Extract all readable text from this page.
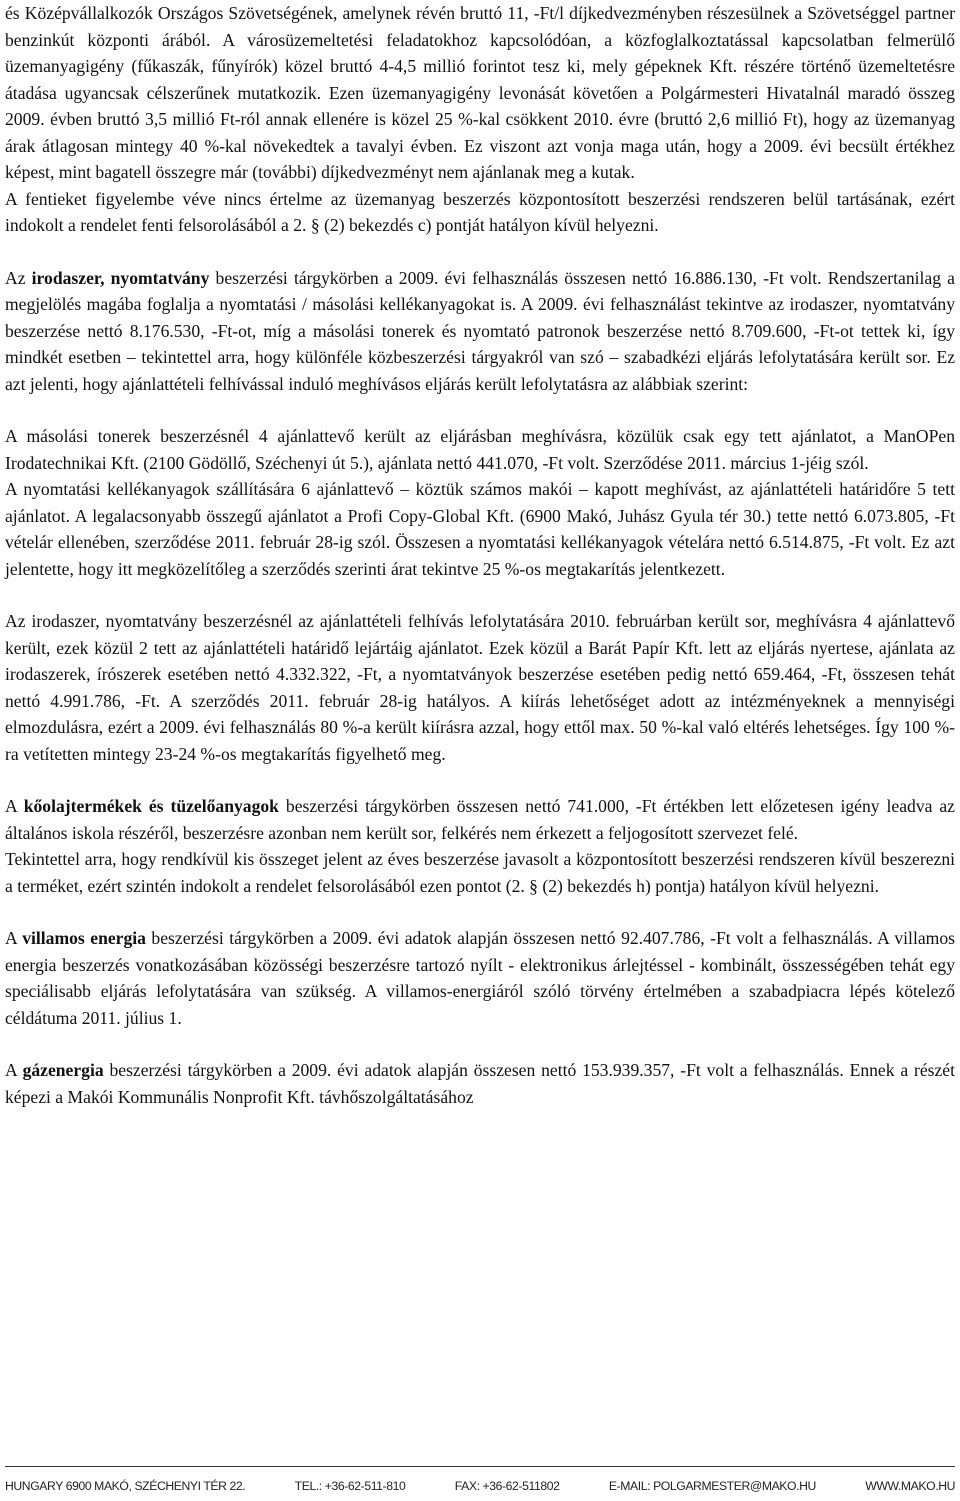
és Középvállalkozók Országos Szövetségének, amelynek révén bruttó 11, -Ft/l díjkedvezményben részesülnek a Szövetséggel partner benzinkút központi árából. A városüzemeltetési feladatokhoz kapcsolódóan, a közfoglalkoztatással kapcsolatban felmerülő üzemanyagigény (fűkaszák, fűnyírók) közel bruttó 4-4,5 millió forintot tesz ki, mely gépeknek Kft. részére történő üzemeltetésre átadása ugyancsak célszerűnek mutatkozik. Ezen üzemanyagigény levonását követően a Polgármesteri Hivatalnál maradó összeg 2009. évben bruttó 3,5 millió Ft-ról annak ellenére is közel 25 %-kal csökkent 2010. évre (bruttó 2,6 millió Ft), hogy az üzemanyag árak átlagosan mintegy 40 %-kal növekedtek a tavalyi évben. Ez viszont azt vonja maga után, hogy a 2009. évi becsült értékhez képest, mint bagatell összegre már (további) díjkedvezményt nem ajánlanak meg a kutak.

A fentieket figyelembe véve nincs értelme az üzemanyag beszerzés központosított beszerzési rendszeren belül tartásának, ezért indokolt a rendelet fenti felsorolásából a 2. § (2) bekezdés c) pontját hatályon kívül helyezni.

Az irodaszer, nyomtatvány beszerzési tárgykörben a 2009. évi felhasználás összesen nettó 16.886.130, -Ft volt. Rendszertanilag a megjelölés magába foglalja a nyomtatási / másolási kellékanyagokat is. A 2009. évi felhasználást tekintve az irodaszer, nyomtatvány beszerzése nettó 8.176.530, -Ft-ot, míg a másolási tonerek és nyomtató patronok beszerzése nettó 8.709.600, -Ft-ot tettek ki, így mindkét esetben – tekintettel arra, hogy különféle közbeszerzési tárgyakról van szó – szabadkézi eljárás lefolytatására került sor. Ez azt jelenti, hogy ajánlattételi felhívással induló meghívásos eljárás került lefolytatásra az alábbiak szerint:

A másolási tonerek beszerzésnél 4 ajánlattevő került az eljárásban meghívásra, közülük csak egy tett ajánlatot, a ManOPen Irodatechnikai Kft. (2100 Gödöllő, Széchenyi út 5.), ajánlata nettó 441.070, -Ft volt. Szerződése 2011. március 1-jéig szól.

A nyomtatási kellékanyagok szállítására 6 ajánlattevő – köztük számos makói – kapott meghívást, az ajánlattételi határidőre 5 tett ajánlatot. A legalacsonyabb összegű ajánlatot a Profi Copy-Global Kft. (6900 Makó, Juhász Gyula tér 30.) tette nettó 6.073.805, -Ft vételár ellenében, szerződése 2011. február 28-ig szól. Összesen a nyomtatási kellékanyagok vételára nettó 6.514.875, -Ft volt. Ez azt jelentette, hogy itt megközelítőleg a szerződés szerinti árat tekintve 25 %-os megtakarítás jelentkezett.

Az irodaszer, nyomtatvány beszerzésnél az ajánlattételi felhívás lefolytatására 2010. februárban került sor, meghívásra 4 ajánlattevő került, ezek közül 2 tett az ajánlattételi határidő lejártáig ajánlatot. Ezek közül a Barát Papír Kft. lett az eljárás nyertese, ajánlata az irodaszerek, írószerek esetében nettó 4.332.322, -Ft, a nyomtatványok beszerzése esetében pedig nettó 659.464, -Ft, összesen tehát nettó 4.991.786, -Ft. A szerződés 2011. február 28-ig hatályos. A kiírás lehetőséget adott az intézményeknek a mennyiségi elmozdulásra, ezért a 2009. évi felhasználás 80 %-a került kiírásra azzal, hogy ettől max. 50 %-kal való eltérés lehetséges. Így 100 %-ra vetítetten mintegy 23-24 %-os megtakarítás figyelhető meg.

A kőolajtermékek és tüzelőanyagok beszerzési tárgykörben összesen nettó 741.000, -Ft értékben lett előzetesen igény leadva az általános iskola részéről, beszerzésre azonban nem került sor, felkérés nem érkezett a feljogosított szervezet felé.

Tekintettel arra, hogy rendkívül kis összeget jelent az éves beszerzése javasolt a központosított beszerzési rendszeren kívül beszerezni a terméket, ezért szintén indokolt a rendelet felsorolásából ezen pontot (2. § (2) bekezdés h) pontja) hatályon kívül helyezni.

A villamos energia beszerzési tárgykörben a 2009. évi adatok alapján összesen nettó 92.407.786, -Ft volt a felhasználás. A villamos energia beszerzés vonatkozásában közösségi beszerzésre tartozó nyílt - elektronikus árlejtéssel - kombinált, összességében tehát egy speciálisabb eljárás lefolytatására van szükség. A villamos-energiáról szóló törvény értelmében a szabadpiacra lépés kötelező céldátuma 2011. július 1.

A gázenergia beszerzési tárgykörben a 2009. évi adatok alapján összesen nettó 153.939.357, -Ft volt a felhasználás. Ennek a részét képezi a Makói Kommunális Nonprofit Kft. távhőszolgáltatásához

HUNGARY 6900 MAKÓ, SZÉCHENYI TÉR 22.	TEL.: +36-62-511-810	FAX: +36-62-511802	E-MAIL: POLGARMESTER@MAKO.HU	WWW.MAKO.HU
